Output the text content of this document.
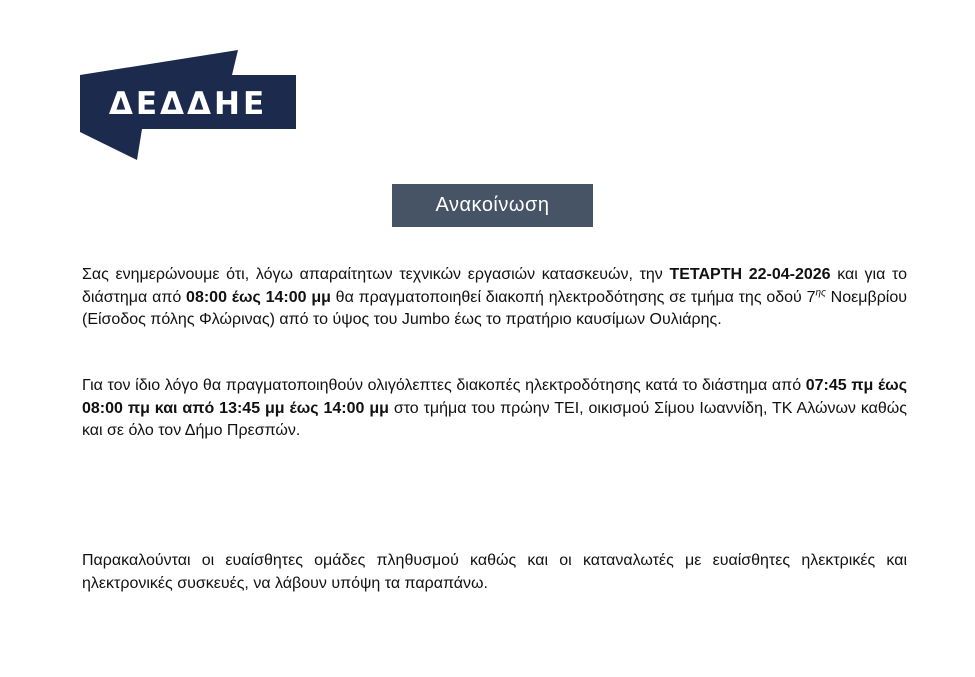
ΔΕΔΔΗΕ
Ανακοίνωση

Σας ενημερώνουμε ότι, λόγω απαραίτητων τεχνικών εργασιών κατασκευών, την ΤΕΤΑΡΤΗ 22-04-2026 και για το διάστημα από 08:00 έως 14:00 μμ θα πραγματοποιηθεί διακοπή ηλεκτροδότησης σε τμήμα της οδού $7^{\eta\varsigma}$ Νοεμβρίου (Είσοδος πόλης Φλώρινας) από το ύψος του Jumbo έως το πρατήριο καυσίμων Ουλιάρης.

Για τον ίδιο λόγο θα πραγματοποιηθούν ολιγόλεπτες διακοπές ηλεκτροδότησης κατά το διάστημα από 07:45 πμ έως 08:00 πμ και από 13:45 μμ έως 14:00 μμ στο τμήμα του πρώην ΤΕΙ, οικισμού Σίμου Ιωαννίδη, ΤΚ Αλώνων καθώς και σε όλο τον Δήμο Πρεσπών.

Παρακαλούνται οι ευαίσθητες ομάδες πληθυσμού καθώς και οι καταναλωτές με ευαίσθητες ηλεκτρικές και ηλεκτρονικές συσκευές, να λάβουν υπόψη τα παραπάνω.
